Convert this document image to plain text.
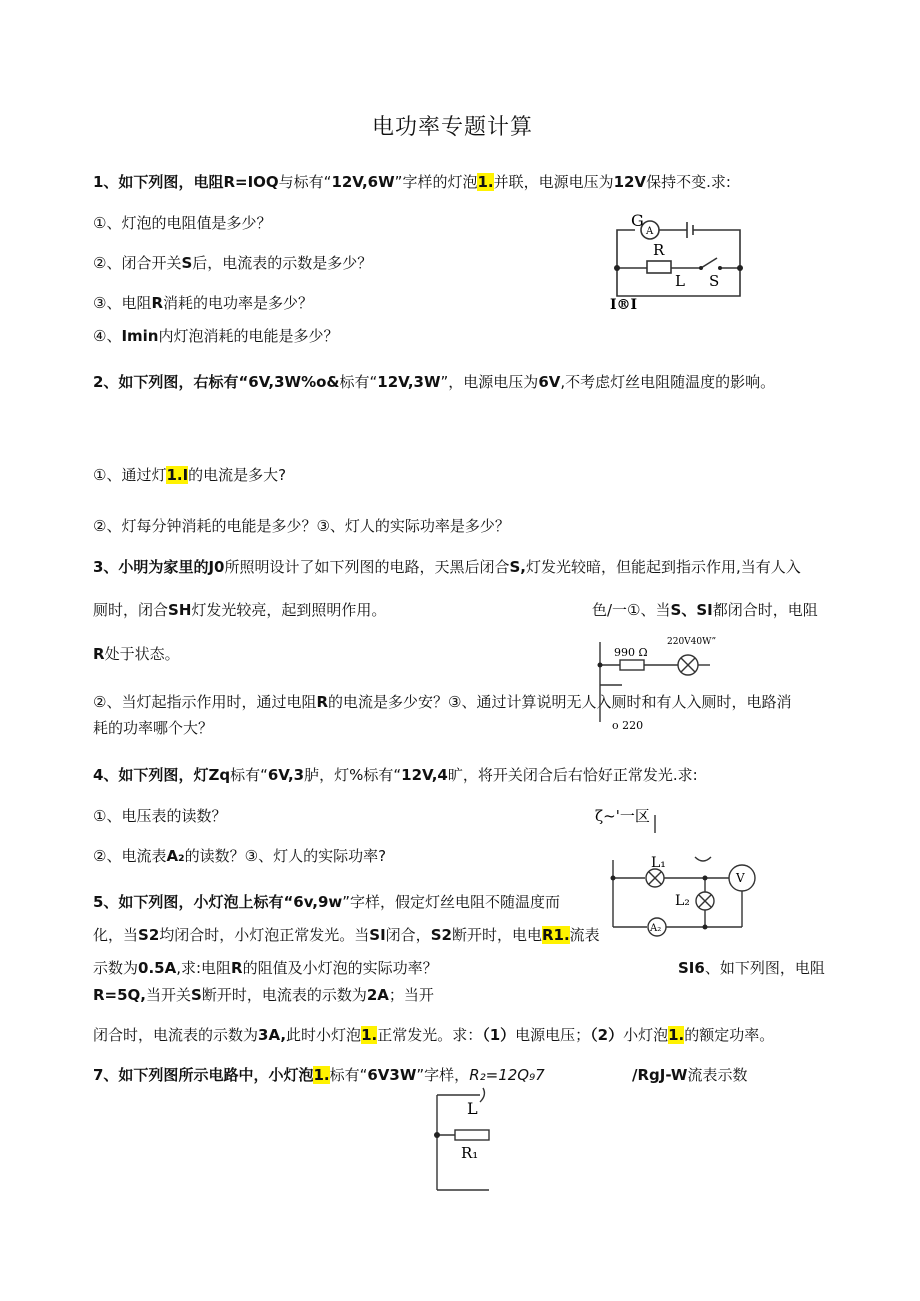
电功率专题计算
1、如下列图，电阻R=IOQ与标有“12V,6W”字样的灯泡1.并联，电源电压为12V保持不变.求:
①、灯泡的电阻值是多少？
②、闭合开关S后，电流表的示数是多少？
③、电阻R消耗的电功率是多少？
④、Imin内灯泡消耗的电能是多少？
G
A
R
L S
I®I
2、如下列图，右标有“6V,3W%o&标有“12V,3W”，电源电压为6V,不考虑灯丝电阻随温度的影响。
①、通过灯1.I的电流是多大?
②、灯每分钟消耗的电能是多少？③、灯人的实际功率是多少？
3、小明为家里的J0所照明设计了如下列图的电路，天黑后闭合S,灯发光较暗，但能起到指示作用,当有人入
厕时，闭合SH灯发光较亮，起到照明作用。	色/一①、当S、SI都闭合时，电阻
R处于状态。
②、当灯起指示作用时，通过电阻R的电流是多少安？③、通过计算说明无人入厕时和有人入厕时，电路消
耗的功率哪个大？
990 Ω
220V40W”
o 220
4、如下列图，灯Zq标有“6V,3胪，灯%标有“12V,4旷，将开关闭合后右恰好正常发光.求:
①、电压表的读数？
②、电流表A₂的读数？③、灯人的实际功率?
ζ~'一区
L₁
L₂
V
A₂
5、如下列图，小灯泡上标有“6v,9w”字样，假定灯丝电阻不随温度而
化，当S2均闭合时，小灯泡正常发光。当SI闭合，S2断开时，电电R1.流表
示数为0.5A,求:电阻R的阻值及小灯泡的实际功率？	SI6、如下列图，电阻
R=5Q,当开关S断开时，电流表的示数为2A；当开
闭合时，电流表的示数为3A,此时小灯泡1.正常发光。求：（1）电源电压；（2）小灯泡1.的额定功率。
7、如下列图所示电路中，小灯泡1.标有“6V3W”字样，R₂=12Q₉7	/RgJ-W流表示数
L
R₁
